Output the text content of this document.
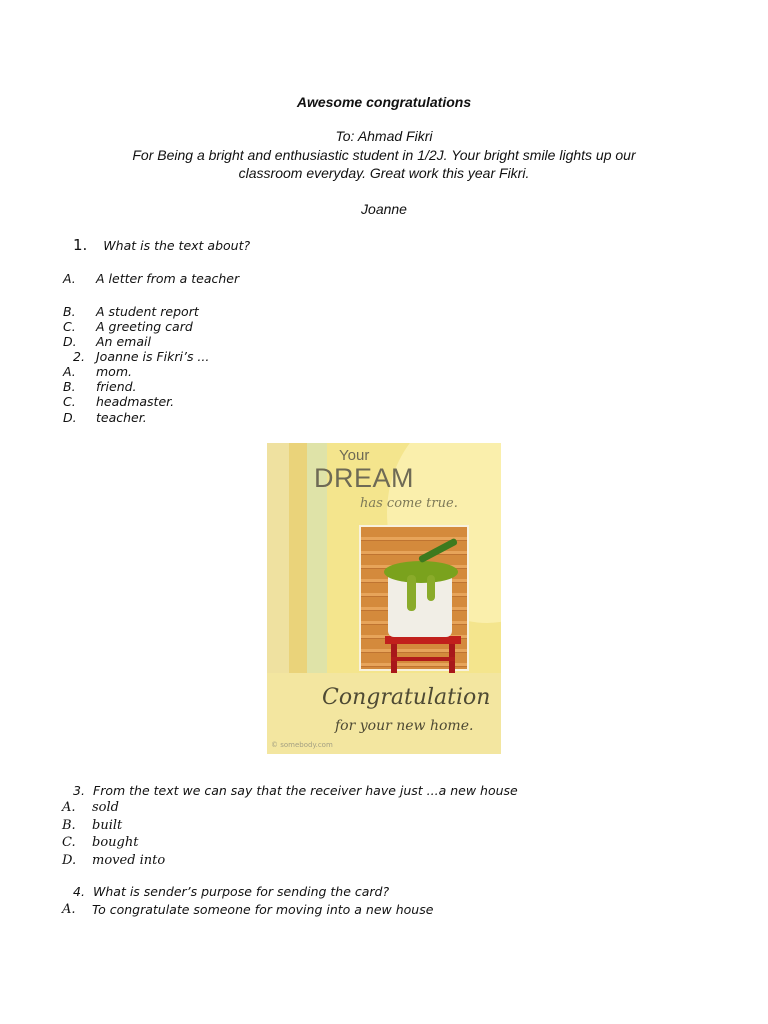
Awesome congratulations
To: Ahmad Fikri
For Being a bright and enthusiastic student in 1/2J. Your bright smile lights up our
classroom everyday. Great work this year Fikri.
Joanne
1. What is the text about?
A. A letter from a teacher
B. A student report
C. A greeting card
D. An email
2. Joanne is Fikri’s ...
A. mom.
B. friend.
C. headmaster.
D. teacher.
Your
DREAM
has come true.
Congratulation
for your new home.
© somebody.com
3. From the text we can say that the receiver have just ...a new house
A. sold
B. built
C. bought
D. moved into
4. What is sender’s purpose for sending the card?
A. To congratulate someone for moving into a new house
